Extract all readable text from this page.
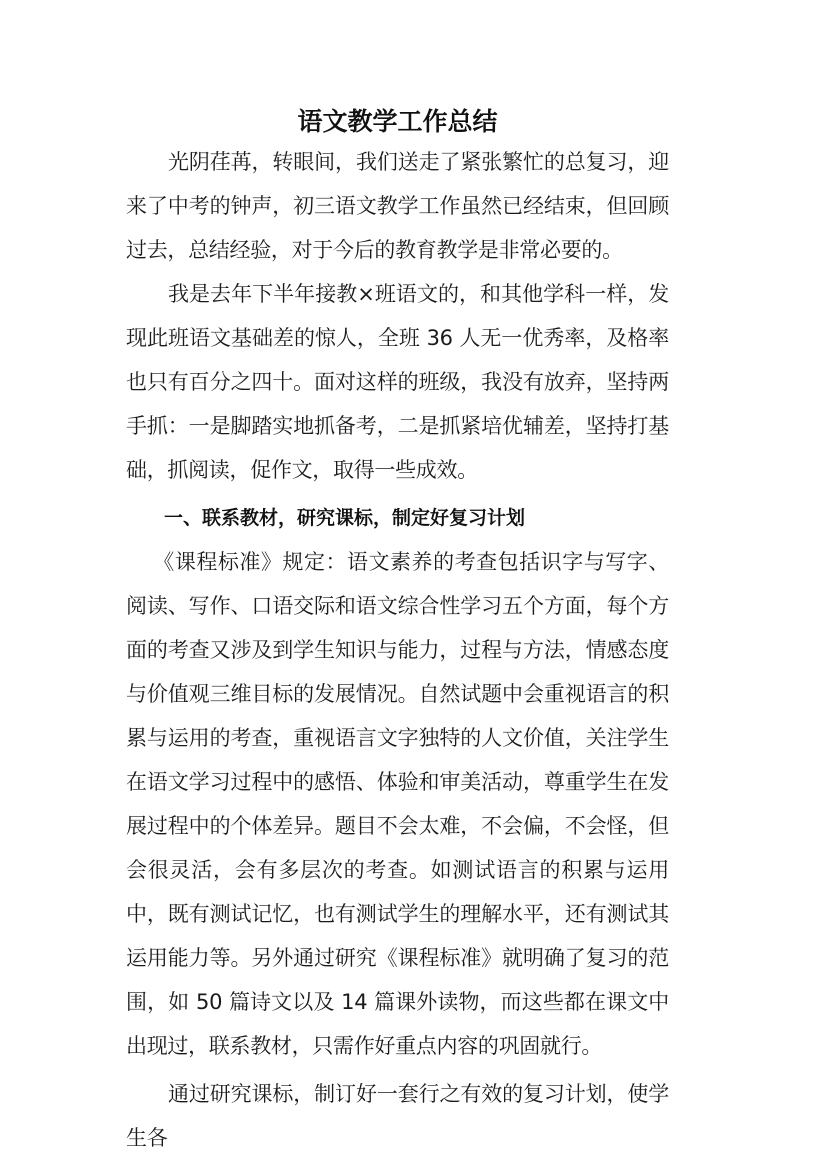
语文教学工作总结

光阴荏苒，转眼间，我们送走了紧张繁忙的总复习，迎来了中考的钟声，初三语文教学工作虽然已经结束，但回顾过去，总结经验，对于今后的教育教学是非常必要的。

我是去年下半年接教×班语文的，和其他学科一样，发现此班语文基础差的惊人，全班 36 人无一优秀率，及格率也只有百分之四十。面对这样的班级，我没有放弃，坚持两手抓：一是脚踏实地抓备考，二是抓紧培优辅差，坚持打基础，抓阅读，促作文，取得一些成效。

一、联系教材，研究课标，制定好复习计划

《课程标准》规定：语文素养的考查包括识字与写字、阅读、写作、口语交际和语文综合性学习五个方面，每个方面的考查又涉及到学生知识与能力，过程与方法，情感态度与价值观三维目标的发展情况。自然试题中会重视语言的积累与运用的考查，重视语言文字独特的人文价值，关注学生在语文学习过程中的感悟、体验和审美活动，尊重学生在发展过程中的个体差异。题目不会太难，不会偏，不会怪，但会很灵活，会有多层次的考查。如测试语言的积累与运用中，既有测试记忆，也有测试学生的理解水平，还有测试其运用能力等。另外通过研究《课程标准》就明确了复习的范围，如 50 篇诗文以及 14 篇课外读物，而这些都在课文中出现过，联系教材，只需作好重点内容的巩固就行。

通过研究课标，制订好一套行之有效的复习计划，使学生各
